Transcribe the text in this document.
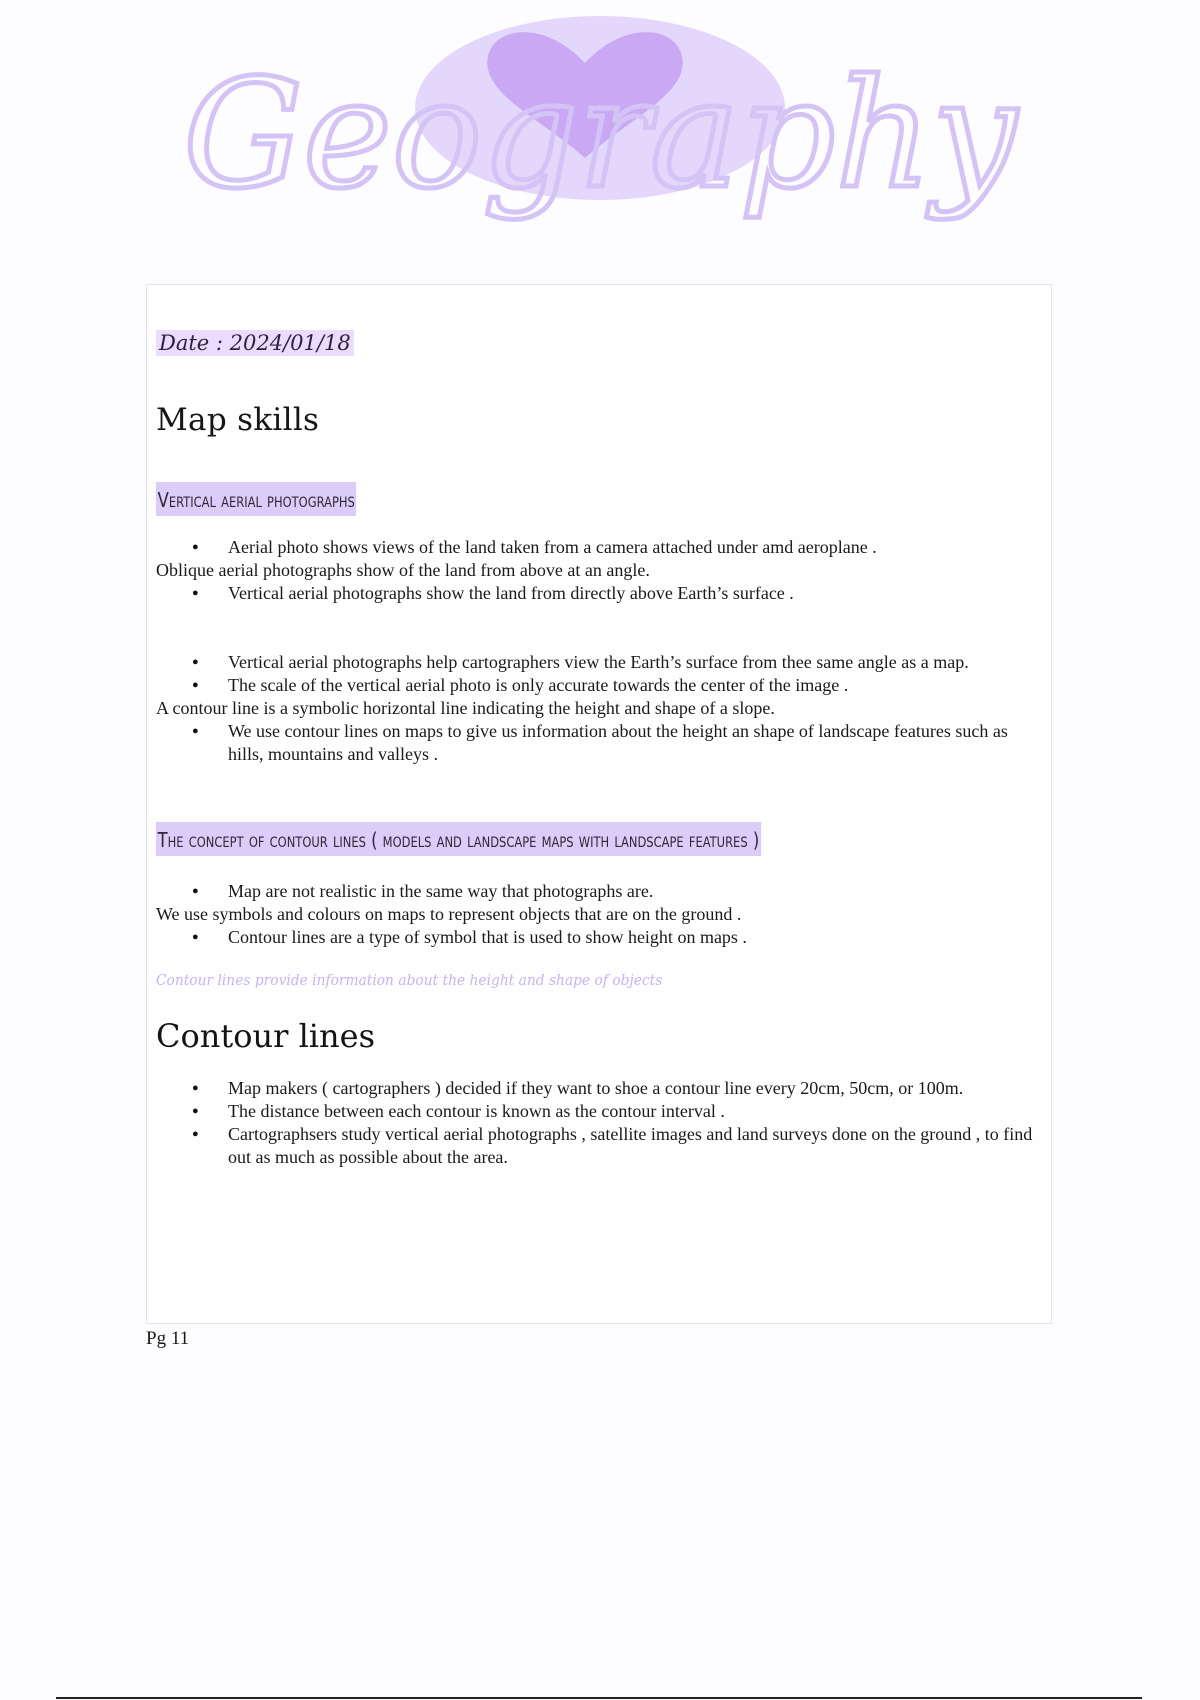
Geography
Date : 2024/01/18
Map skills
Vertical aerial photographs
● Aerial photo shows views of the land taken from a camera attached under amd aeroplane .
Oblique aerial photographs show of the land from above at an angle.
● Vertical aerial photographs show the land from directly above Earth’s surface .
● Vertical aerial photographs help cartographers view the Earth’s surface from thee same angle as a map.
● The scale of the vertical aerial photo is only accurate towards the center of the image .
A contour line is a symbolic horizontal line indicating the height and shape of a slope.
● We use contour lines on maps to give us information about the height an shape of landscape features such as hills, mountains and valleys .
The concept of contour lines ( models and landscape maps with landscape features )
● Map are not realistic in the same way that photographs are.
We use symbols and colours on maps to represent objects that are on the ground .
● Contour lines are a type of symbol that is used to show height on maps .
Contour lines provide information about the height and shape of objects
Contour lines
● Map makers ( cartographers ) decided if they want to shoe a contour line every 20cm, 50cm, or 100m.
● The distance between each contour is known as the contour interval .
● Cartographsers study vertical aerial photographs , satellite images and land surveys done on the ground , to find out as much as possible about the area.
Pg 11
